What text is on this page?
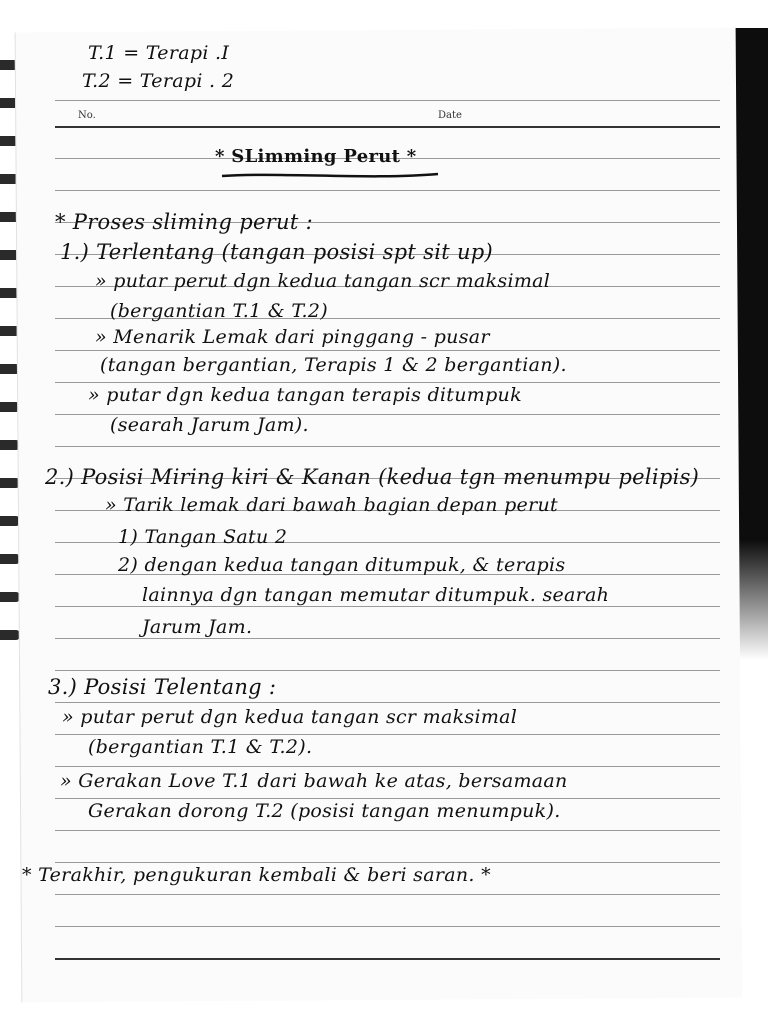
No.	Date
T.1 = Terapi .I
T.2 = Terapi . 2
* SLimming Perut *
* Proses sliming perut :
1.) Terlentang (tangan posisi spt sit up)
» putar perut dgn kedua tangan scr maksimal
(bergantian T.1 & T.2)
» Menarik Lemak dari pinggang - pusar
(tangan bergantian, Terapis 1 & 2 bergantian).
» putar dgn kedua tangan terapis ditumpuk
(searah Jarum Jam).
2.) Posisi Miring kiri & Kanan (kedua tgn menumpu pelipis)
» Tarik lemak dari bawah bagian depan perut
1) Tangan Satu 2
2) dengan kedua tangan ditumpuk, & terapis
lainnya dgn tangan memutar ditumpuk. searah
Jarum Jam.
3.) Posisi Telentang :
» putar perut dgn kedua tangan scr maksimal
(bergantian T.1 & T.2).
» Gerakan Love T.1 dari bawah ke atas, bersamaan
Gerakan dorong T.2 (posisi tangan menumpuk).
* Terakhir, pengukuran kembali & beri saran. *
